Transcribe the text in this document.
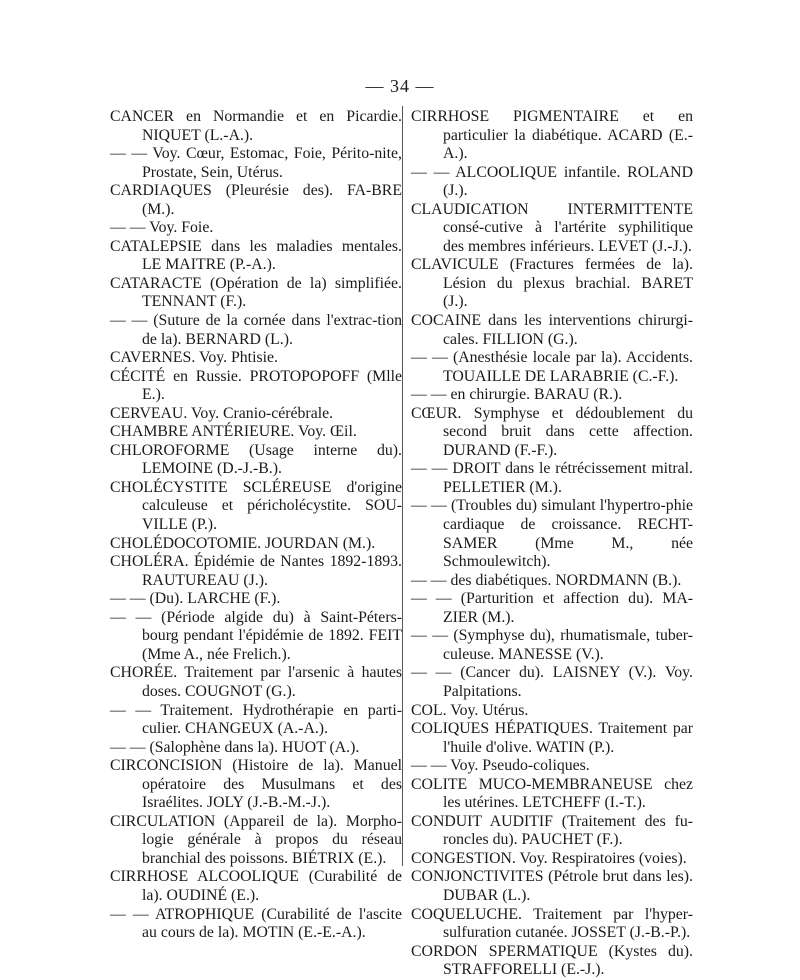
— 34 —
CANCER en Normandie et en Picardie. NIQUET (L.-A.).
— — Voy. Cœur, Estomac, Foie, Périto-nite, Prostate, Sein, Utérus.
CARDIAQUES (Pleurésie des). FA-BRE (M.).
— — Voy. Foie.
CATALEPSIE dans les maladies mentales. LE MAITRE (P.-A.).
CATARACTE (Opération de la) simplifiée. TENNANT (F.).
— — (Suture de la cornée dans l'extrac-tion de la). BERNARD (L.).
CAVERNES. Voy. Phtisie.
CÉCITÉ en Russie. PROTOPOPOFF (Mlle E.).
CERVEAU. Voy. Cranio-cérébrale.
CHAMBRE ANTÉRIEURE. Voy. Œil.
CHLOROFORME (Usage interne du). LEMOINE (D.-J.-B.).
CHOLÉCYSTITE SCLÉREUSE d'origine calculeuse et péricholécystite. SOU-VILLE (P.).
CHOLÉDOCOTOMIE. JOURDAN (M.).
CHOLÉRA. Épidémie de Nantes 1892-1893. RAUTUREAU (J.).
— — (Du). LARCHE (F.).
— — (Période algide du) à Saint-Péters-bourg pendant l'épidémie de 1892. FEIT (Mme A., née Frelich.).
CHORÉE. Traitement par l'arsenic à hautes doses. COUGNOT (G.).
— — Traitement. Hydrothérapie en parti-culier. CHANGEUX (A.-A.).
— — (Salophène dans la). HUOT (A.).
CIRCONCISION (Histoire de la). Manuel opératoire des Musulmans et des Israélites. JOLY (J.-B.-M.-J.).
CIRCULATION (Appareil de la). Morpho-logie générale à propos du réseau branchial des poissons. BIÉTRIX (E.).
CIRRHOSE ALCOOLIQUE (Curabilité de la). OUDINÉ (E.).
— — ATROPHIQUE (Curabilité de l'ascite au cours de la). MOTIN (E.-E.-A.).
CIRRHOSE PIGMENTAIRE et en particulier la diabétique. ACARD (E.-A.).
— — ALCOOLIQUE infantile. ROLAND (J.).
CLAUDICATION INTERMITTENTE consé-cutive à l'artérite syphilitique des membres inférieurs. LEVET (J.-J.).
CLAVICULE (Fractures fermées de la). Lésion du plexus brachial. BARET (J.).
COCAINE dans les interventions chirurgi-cales. FILLION (G.).
— — (Anesthésie locale par la). Accidents. TOUAILLE DE LARABRIE (C.-F.).
— — en chirurgie. BARAU (R.).
CŒUR. Symphyse et dédoublement du second bruit dans cette affection. DURAND (F.-F.).
— — DROIT dans le rétrécissement mitral. PELLETIER (M.).
— — (Troubles du) simulant l'hypertro-phie cardiaque de croissance. RECHT-SAMER (Mme M., née Schmoulewitch).
— — des diabétiques. NORDMANN (B.).
— — (Parturition et affection du). MA-ZIER (M.).
— — (Symphyse du), rhumatismale, tuber-culeuse. MANESSE (V.).
— — (Cancer du). LAISNEY (V.). Voy. Palpitations.
COL. Voy. Utérus.
COLIQUES HÉPATIQUES. Traitement par l'huile d'olive. WATIN (P.).
— — Voy. Pseudo-coliques.
COLITE MUCO-MEMBRANEUSE chez les utérines. LETCHEFF (I.-T.).
CONDUIT AUDITIF (Traitement des fu-roncles du). PAUCHET (F.).
CONGESTION. Voy. Respiratoires (voies).
CONJONCTIVITES (Pétrole brut dans les). DUBAR (L.).
COQUELUCHE. Traitement par l'hyper-sulfuration cutanée. JOSSET (J.-B.-P.).
CORDON SPERMATIQUE (Kystes du). STRAFFORELLI (E.-J.).
